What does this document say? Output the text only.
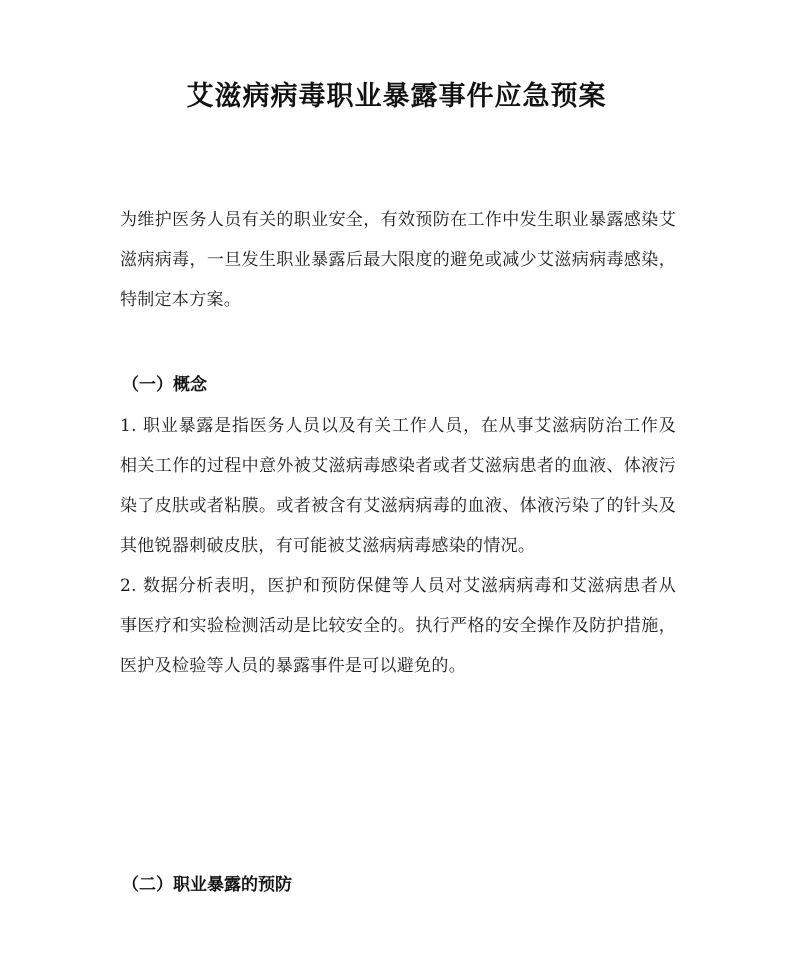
艾滋病病毒职业暴露事件应急预案
为维护医务人员有关的职业安全，有效预防在工作中发生职业暴露感染艾滋病病毒，一旦发生职业暴露后最大限度的避免或减少艾滋病病毒感染，特制定本方案。
（一）概念

1. 职业暴露是指医务人员以及有关工作人员，在从事艾滋病防治工作及相关工作的过程中意外被艾滋病毒感染者或者艾滋病患者的血液、体液污染了皮肤或者粘膜。或者被含有艾滋病病毒的血液、体液污染了的针头及其他锐器刺破皮肤，有可能被艾滋病病毒感染的情况。

2. 数据分析表明，医护和预防保健等人员对艾滋病病毒和艾滋病患者从事医疗和实验检测活动是比较安全的。执行严格的安全操作及防护措施，医护及检验等人员的暴露事件是可以避免的。

（二）职业暴露的预防
